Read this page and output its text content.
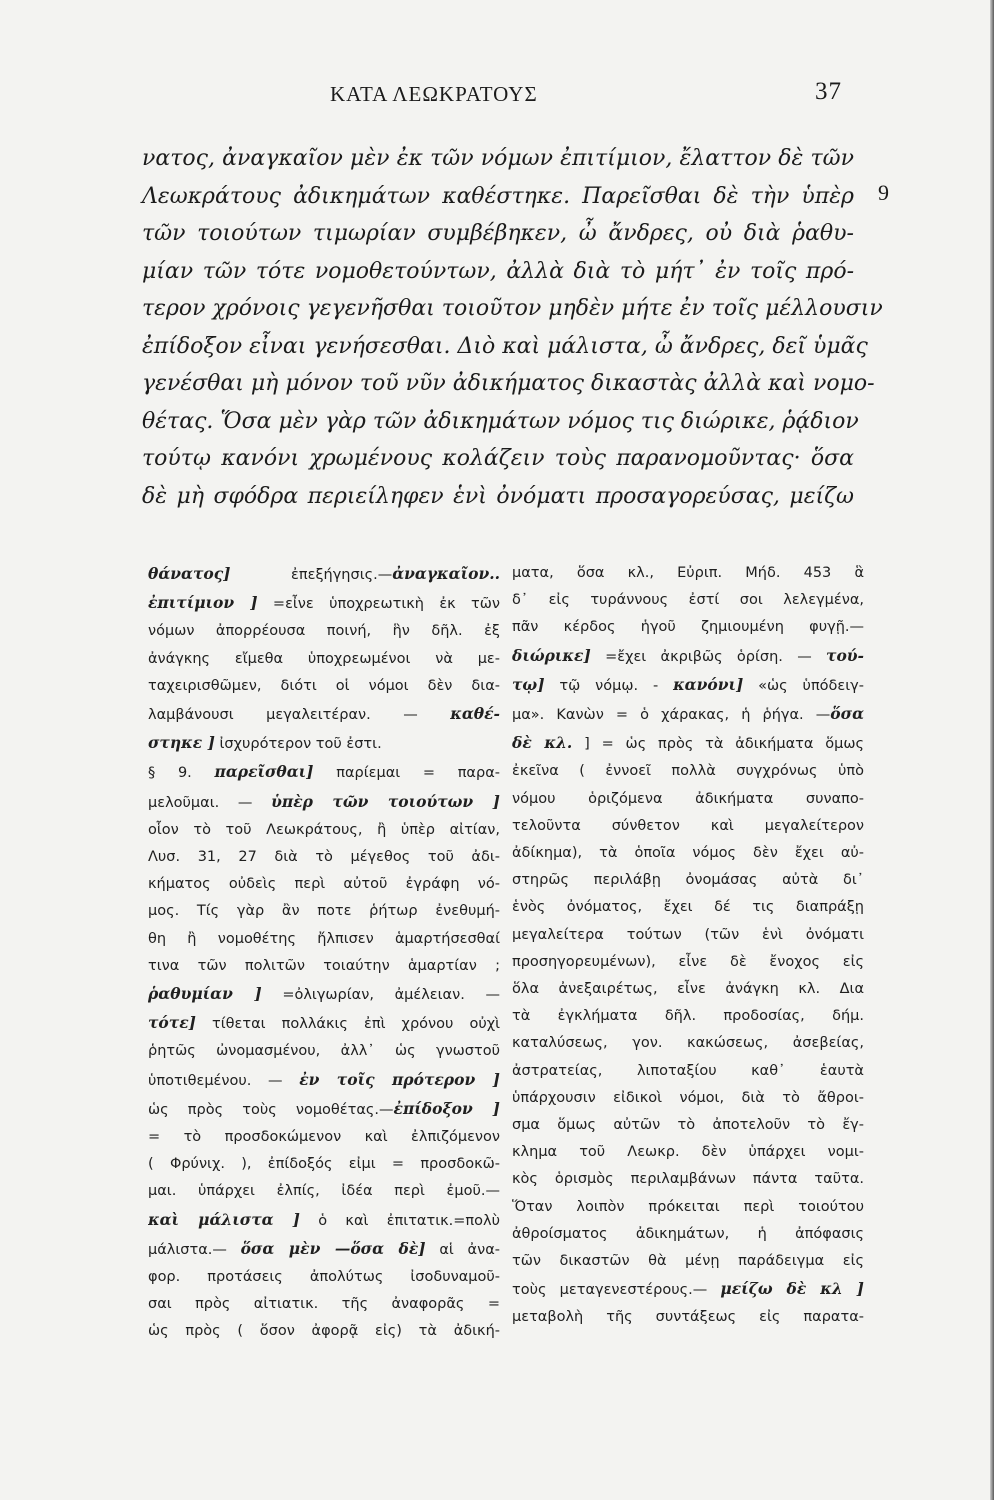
ΚΑΤΑ ΛΕΩΚΡΑΤΟΥΣ	37
νατος, ἀναγκαῖον μὲν ἐκ τῶν νόμων ἐπιτίμιον, ἔλαττον δὲ τῶν
Λεωκράτους ἀδικημάτων καθέστηκε. Παρεῖσθαι δὲ τὴν ὑπὲρ
τῶν τοιούτων τιμωρίαν συμβέβηκεν, ὦ ἄνδρες, οὐ διὰ ῥαθυ-
μίαν τῶν τότε νομοθετούντων, ἀλλὰ διὰ τὸ μήτ᾽ ἐν τοῖς πρό-
τερον χρόνοις γεγενῆσθαι τοιοῦτον μηδὲν μήτε ἐν τοῖς μέλλουσιν
ἐπίδοξον εἶναι γενήσεσθαι. Διὸ καὶ μάλιστα, ὦ ἄνδρες, δεῖ ὑμᾶς
γενέσθαι μὴ μόνον τοῦ νῦν ἀδικήματος δικαστὰς ἀλλὰ καὶ νομο-
θέτας. Ὅσα μὲν γὰρ τῶν ἀδικημάτων νόμος τις διώρικε, ῥᾴδιον
τούτῳ κανόνι χρωμένους κολάζειν τοὺς παρανομοῦντας· ὅσα
δὲ μὴ σφόδρα περιείληφεν ἑνὶ ὀνόματι προσαγορεύσας, μείζω
9
θάνατος] ἐπεξήγησις.—ἀναγκαῖον..
ἐπιτίμιον ] =εἶνε ὑποχρεωτικὴ ἐκ τῶν
νόμων ἀπορρέουσα ποινή, ἣν δῆλ. ἐξ
ἀνάγκης εἴμεθα ὑποχρεωμένοι νὰ με-
ταχειρισθῶμεν, διότι οἱ νόμοι δὲν δια-
λαμβάνουσι μεγαλειτέραν. — καθέ-
στηκε ] ἰσχυρότερον τοῦ ἐστι.
§ 9. παρεῖσθαι] παρίεμαι = παρα-
μελοῦμαι. — ὑπὲρ τῶν τοιούτων ]
οἷον τὸ τοῦ Λεωκράτους, ἢ ὑπὲρ αἰτίαν,
Λυσ. 31, 27 διὰ τὸ μέγεθος τοῦ ἀδι-
κήματος οὐδεὶς περὶ αὐτοῦ ἐγράφη νό-
μος. Τίς γὰρ ἂν ποτε ῥήτωρ ἐνεθυμή-
θη ἢ νομοθέτης ἤλπισεν ἁμαρτήσεσθαί
τινα τῶν πολιτῶν τοιαύτην ἁμαρτίαν ;
ῥαθυμίαν ] =ὀλιγωρίαν, ἀμέλειαν. —
τότε] τίθεται πολλάκις ἐπὶ χρόνου οὐχὶ
ῥητῶς ὠνομασμένου, ἀλλ᾽ ὡς γνωστοῦ
ὑποτιθεμένου. — ἐν τοῖς πρότερον ]
ὡς πρὸς τοὺς νομοθέτας.—ἐπίδοξον ]
= τὸ προσδοκώμενον καὶ ἐλπιζόμενον
( Φρύνιχ. ), ἐπίδοξός εἰμι = προσδοκῶ-
μαι. ὑπάρχει ἐλπίς, ἰδέα περὶ ἐμοῦ.—
καὶ μάλιστα ] ὁ καὶ ἐπιτατικ.=πολὺ
μάλιστα.— ὅσα μὲν —ὅσα δὲ] αἱ ἀνα-
φορ. προτάσεις ἀπολύτως ἰσοδυναμοῦ-
σαι πρὸς αἰτιατικ. τῆς ἀναφορᾶς =
ὡς πρὸς ( ὅσον ἀφορᾷ εἰς) τὰ ἀδική-
ματα, ὅσα κλ., Εὐριπ. Μήδ. 453 ἃ
δ᾽ εἰς τυράννους ἐστί σοι λελεγμένα,
πᾶν κέρδος ἡγοῦ ζημιουμένη φυγῇ.—
διώρικε] =ἔχει ἀκριβῶς ὁρίση. — τού-
τῳ] τῷ νόμῳ. - κανόνι] «ὡς ὑπόδειγ-
μα». Κανὼν = ὁ χάρακας, ἡ ῥήγα. —ὅσα
δὲ κλ. ] = ὡς πρὸς τὰ ἀδικήματα ὅμως
ἐκεῖνα ( ἐννοεῖ πολλὰ συγχρόνως ὑπὸ
νόμου ὁριζόμενα ἀδικήματα συναπο-
τελοῦντα σύνθετον καὶ μεγαλείτερον
ἀδίκημα), τὰ ὁποῖα νόμος δὲν ἔχει αὐ-
στηρῶς περιλάβῃ ὀνομάσας αὐτὰ δι᾽
ἑνὸς ὀνόματος, ἔχει δέ τις διαπράξῃ
μεγαλείτερα τούτων (τῶν ἑνὶ ὀνόματι
προσηγορευμένων), εἶνε δὲ ἔνοχος εἰς
ὅλα ἀνεξαιρέτως, εἶνε ἀνάγκη κλ. Δια
τὰ ἐγκλήματα δῆλ. προδοσίας, δήμ.
καταλύσεως, γον. κακώσεως, ἀσεβείας,
ἀστρατείας, λιποταξίου καθ᾽ ἑαυτὰ
ὑπάρχουσιν εἰδικοὶ νόμοι, διὰ τὸ ἄθροι-
σμα ὅμως αὐτῶν τὸ ἀποτελοῦν τὸ ἔγ-
κλημα τοῦ Λεωκρ. δὲν ὑπάρχει νομι-
κὸς ὁρισμὸς περιλαμβάνων πάντα ταῦτα.
Ὅταν λοιπὸν πρόκειται περὶ τοιούτου
ἀθροίσματος ἀδικημάτων, ἡ ἀπόφασις
τῶν δικαστῶν θὰ μένῃ παράδειγμα εἰς
τοὺς μεταγενεστέρους.— μείζω δὲ κλ ]
μεταβολὴ τῆς συντάξεως εἰς παρατα-
